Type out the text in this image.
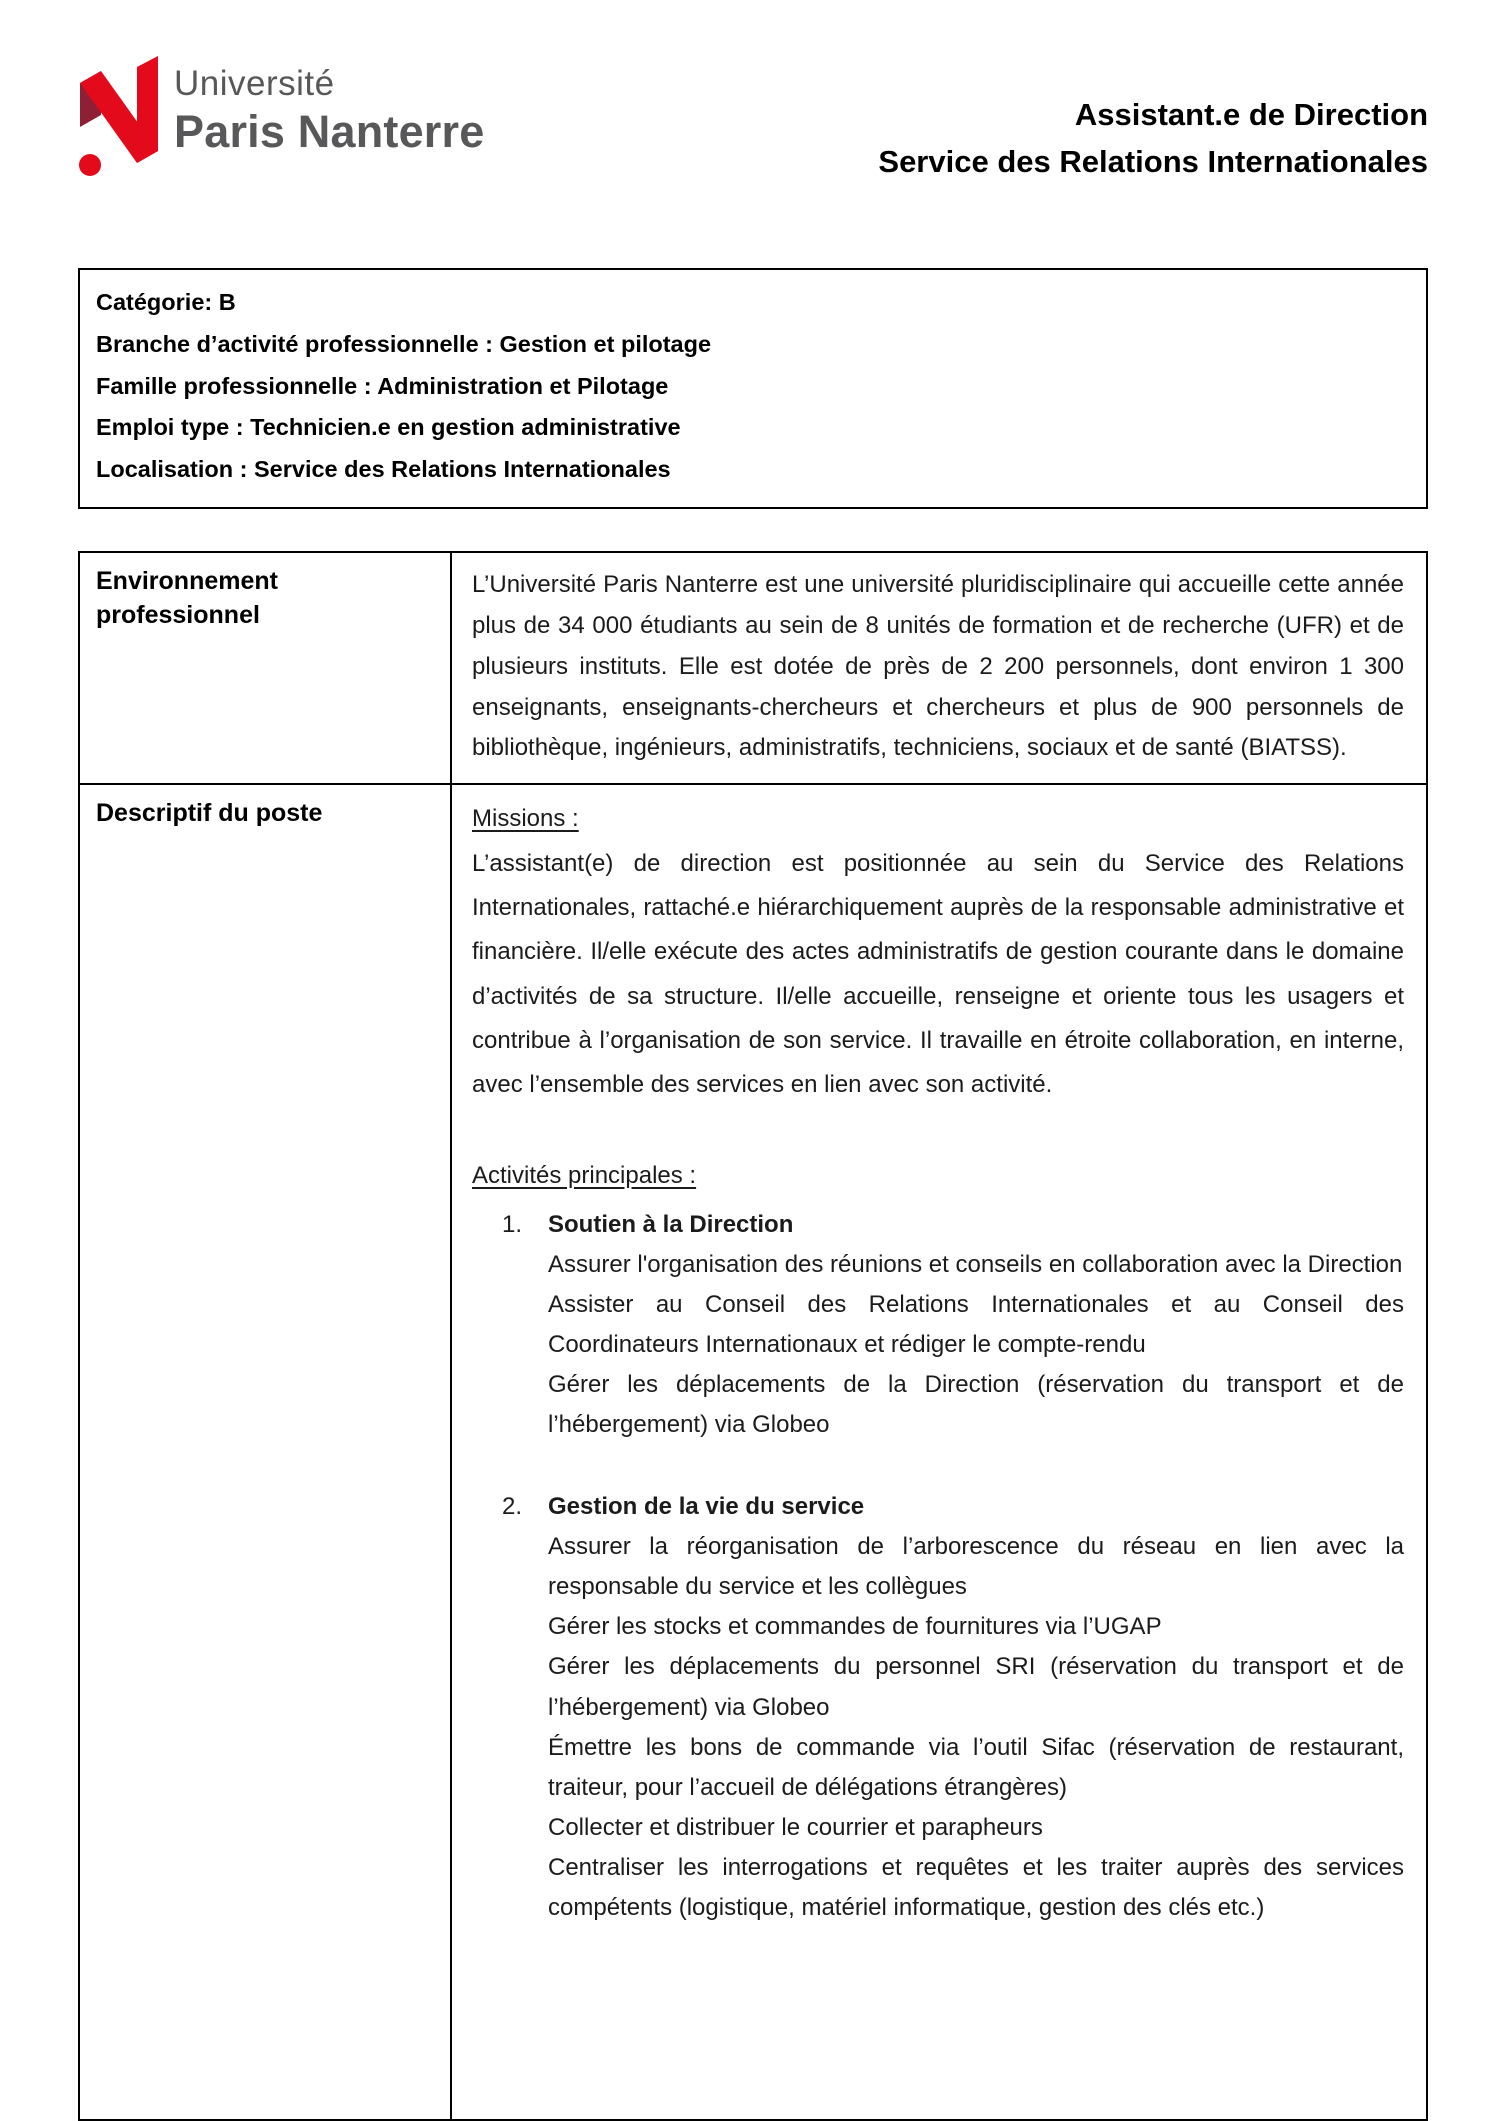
Université
Paris Nanterre	Assistant.e de Direction
Service des Relations Internationales
Catégorie: B
Branche d’activité professionnelle : Gestion et pilotage
Famille professionnelle : Administration et Pilotage
Emploi type : Technicien.e en gestion administrative
Localisation : Service des Relations Internationales
Environnement professionnel

L’Université Paris Nanterre est une université pluridisciplinaire qui accueille cette année plus de 34 000 étudiants au sein de 8 unités de formation et de recherche (UFR) et de plusieurs instituts. Elle est dotée de près de 2 200 personnels, dont environ 1 300 enseignants, enseignants-chercheurs et chercheurs et plus de 900 personnels de bibliothèque, ingénieurs, administratifs, techniciens, sociaux et de santé (BIATSS).

Descriptif du poste	Missions :

L’assistant(e) de direction est positionnée au sein du Service des Relations Internationales, rattaché.e hiérarchiquement auprès de la responsable administrative et financière. Il/elle exécute des actes administratifs de gestion courante dans le domaine d’activités de sa structure. Il/elle accueille, renseigne et oriente tous les usagers et contribue à l’organisation de son service. Il travaille en étroite collaboration, en interne, avec l’ensemble des services en lien avec son activité.

Activités principales :
1.	Soutien à la Direction

Assurer l'organisation des réunions et conseils en collaboration avec la Direction

Assister au Conseil des Relations Internationales et au Conseil des Coordinateurs Internationaux et rédiger le compte-rendu

Gérer les déplacements de la Direction (réservation du transport et de l’hébergement) via Globeo

2.	Gestion de la vie du service

Assurer la réorganisation de l’arborescence du réseau en lien avec la responsable du service et les collègues

Gérer les stocks et commandes de fournitures via l’UGAP

Gérer les déplacements du personnel SRI (réservation du transport et de l’hébergement) via Globeo

Émettre les bons de commande via l’outil Sifac (réservation de restaurant, traiteur, pour l’accueil de délégations étrangères)

Collecter et distribuer le courrier et parapheurs

Centraliser les interrogations et requêtes et les traiter auprès des services compétents (logistique, matériel informatique, gestion des clés etc.)
